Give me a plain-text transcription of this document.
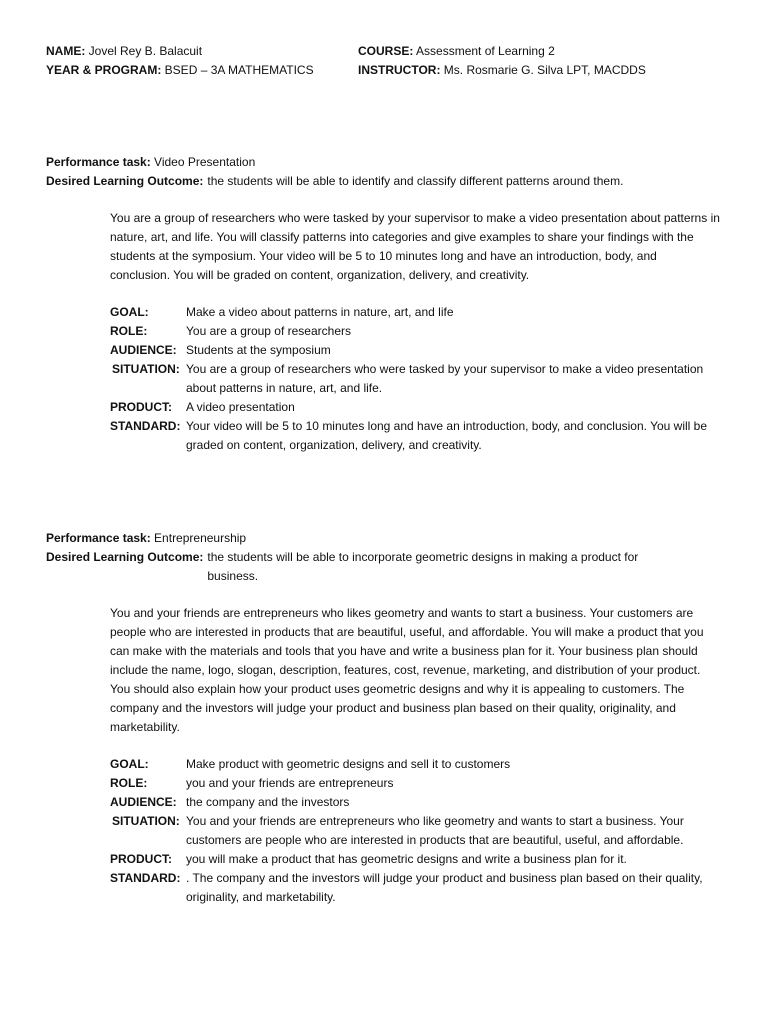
NAME: Jovel Rey B. Balacuit
YEAR & PROGRAM: BSED – 3A MATHEMATICS
COURSE: Assessment of Learning 2
INSTRUCTOR: Ms. Rosmarie G. Silva LPT, MACDDS
Performance task: Video Presentation
Desired Learning Outcome: the students will be able to identify and classify different patterns around them.

You are a group of researchers who were tasked by your supervisor to make a video presentation about patterns in nature, art, and life. You will classify patterns into categories and give examples to share your findings with the students at the symposium. Your video will be 5 to 10 minutes long and have an introduction, body, and conclusion. You will be graded on content, organization, delivery, and creativity.

GOAL:	Make a video about patterns in nature, art, and life
ROLE:	You are a group of researchers
AUDIENCE: Students at the symposium
SITUATION: You are a group of researchers who were tasked by your supervisor to make a video presentation about patterns in nature, art, and life.
PRODUCT:	A video presentation
STANDARD: Your video will be 5 to 10 minutes long and have an introduction, body, and conclusion. You will be graded on content, organization, delivery, and creativity.
Performance task: Entrepreneurship
Desired Learning Outcome: the students will be able to incorporate geometric designs in making a product for business.

You and your friends are entrepreneurs who likes geometry and wants to start a business. Your customers are people who are interested in products that are beautiful, useful, and affordable. You will make a product that you can make with the materials and tools that you have and write a business plan for it. Your business plan should include the name, logo, slogan, description, features, cost, revenue, marketing, and distribution of your product. You should also explain how your product uses geometric designs and why it is appealing to customers. The company and the investors will judge your product and business plan based on their quality, originality, and marketability.

GOAL:	Make product with geometric designs and sell it to customers
ROLE:	you and your friends are entrepreneurs
AUDIENCE: the company and the investors
SITUATION: You and your friends are entrepreneurs who like geometry and wants to start a business. Your customers are people who are interested in products that are beautiful, useful, and affordable.
PRODUCT:	you will make a product that has geometric designs and write a business plan for it.
STANDARD: . The company and the investors will judge your product and business plan based on their quality, originality, and marketability.
